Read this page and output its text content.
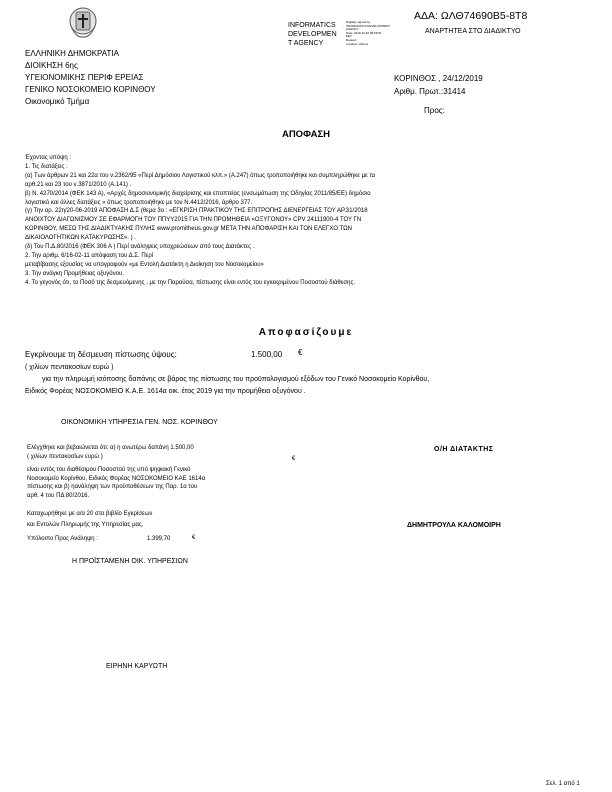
INFORMATICS
DEVELOPMEN
T AGENCY
Digitally signed by
INFORMATICS DEVELOPMENT
AGENCY
Date: 2019.12.30 09:59:51
EET
Reason:
Location: Athens
ΑΔΑ: ΩΛΘ74690Β5-8Τ8
ΑΝΑΡΤΗΤΕΑ ΣΤΟ ΔΙΑΔΙΚΤΥΟ
ΕΛΛΗΝΙΚΗ ΔΗΜΟΚΡΑΤΙΑ
ΔΙΟΙΚΗΣΗ 6ης
ΥΓΕΙΟΝΟΜΙΚΗΣ ΠΕΡΙΦ ΕΡΕΙΑΣ
ΓΕΝΙΚΟ ΝΟΣΟΚΟΜΕΙΟ ΚΟΡΙΝΘΟΥ
Οικονομικό Τμήμα
ΚΟΡΙΝΘΟΣ , 24/12/2019
Αριθμ. Πρωτ.:31414
Προς:
ΑΠΟΦΑΣΗ
Έχοντας υπόψη :
1. Τις διατάξεις :
(α) Των άρθρων 21 και 22α του ν.2362/95 «Περί Δημόσιου Λογιστικού κλπ.» (Α.247) όπως τροποποιήθηκε και συμπληρώθηκε με τα
αρθ.21 και 23 του ν.3871/2010 (Α.141) .
β) Ν. 4270/2014 (ΦΕΚ 143 Α), «Αρχές δημοσιονομικής διαχείρισης και εποπτείας (ενσωμάτωση της Οδηγίας 2011/85/ΕΕ) δημόσιο
λογιστικό και άλλες διατάξεις » όπως τροποποιήθηκε με τον Ν.4412/2016, άρθρο 377.
(γ) Την αρ. 22η/20-06-2019 ΑΠΟΦΑΣΗ Δ.Σ (θεμα 3ο : «ΕΓΚΡΙΣΗ ΠΡΑΚΤΙΚΟΥ ΤΗΣ ΕΠΙΤΡΟΠΗΣ ΔΙΕΝΕΡΓΕΙΑΣ ΤΟΥ ΑΡ.31/2018
ΑΝΟΙΧΤΟΥ ΔΙΑΓΩΝΙΣΜΟΥ ΣΕ ΕΦΑΡΜΟΓΗ ΤΟΥ ΠΠΥΥ2015 ΓΙΑ ΤΗΝ ΠΡΟΜΗΘΕΙΑ «ΟΞΥΓΟΝΟΥ» CPV 24111900-4 ΤΟΥ ΓΝ
ΚΟΡΙΝΘΟΥ, ΜΕΣΩ ΤΗΣ ΔΙΑΔΙΚΤΥΑΚΗΣ ΠΥΛΗΣ www.promitheus.gov.gr ΜΕΤΑ ΤΗΝ ΑΠΟΦΑΡΙΣΗ ΚΑΙ ΤΟΝ ΕΛΕΓΧΟ ΤΩΝ
ΔΙΚΑΙΟΛΟΓΗΤΙΚΩΝ ΚΑΤΑΚΥΡΩΣΗΣ». ) .
(δ) Του Π.Δ.80/2016 (ΦΕΚ 306 Α ) Περί ανάληψεις υποχρεώσεων από τους Διατάκτες .
2. Την αριθμ. 6/16-02-11 απόφαση του Δ.Σ. Περί
μεταβίβασης εξουσίας να υπογραφούν «με Εντολή Διατάκτη η Διοίκηση του Νοσοκομείου»
3. Την ανάγκη Προμήθειας οξυγόνου.
4. Το γεγονός ότι, το Ποσό της δεσμευόμενης , με την Παρούσα, πίστωσης είναι εντός του εγκεκριμένου Ποσοστού διάθεσης.
Αποφασίζουμε
Εγκρίνουμε τη δέσμευση πίστωσης ύψους:	1.500,00 €
( χιλίων πεντακοσίων ευρώ )
για την πληρωμή ισόποσης δαπάνης σε βάρος της πίστωσης του προϋπολογισμού εξόδων του Γενικό Νοσοκομείο Κορίνθου,
Ειδικός Φορέας ΝΟΣΟΚΟΜΕΙΟ Κ.Α.Ε. 1614α οικ. έτος 2019 για την προμήθεια οξυγόνου .
ΟΙΚΟΝΟΜΙΚΗ ΥΠΗΡΕΣΙΑ ΓΕΝ. ΝΟΣ. ΚΟΡΙΝΘΟΥ
Ο/Η ΔΙΑΤΑΚΤΗΣ
Ελέγχθηκε και βεβαιώνεται ότι: α) η ανωτέρω δαπάνη 1.500,00
( χιλίων πεντακοσίων ευρώ )	€
είναι εντός του διαθέσιμου Ποσοστού της υπό ψηφιακή Γενικό
Νοσοκομείο Κορίνθου, Ειδικός Φορέας ΝΟΣΟΚΟΜΕΙΟ ΚΑΕ 1614α
πίστωσης και β) ηανάληψη των προϋποθέσεων της Παρ. 1α του
αρθ. 4 του ΠΔ 80/2016.
Καταχωρήθηκε με α/α 20 στο βιβλίο Εγκρίσεων
και Εντολών Πληρωμής της Υπηρεσίας μας.	ΔΗΜΗΤΡΟΥΛΑ ΚΑΛΟΜΟΙΡΗ
Υπόλοιπο Προς Ανάληψη :	1.399,70	€
Η ΠΡΟΪΣΤΑΜΕΝΗ ΟΙΚ. ΥΠΗΡΕΣΙΩΝ
ΕΙΡΗΝΗ ΚΑΡΥΩΤΗ
Σελ. 1 από 1
